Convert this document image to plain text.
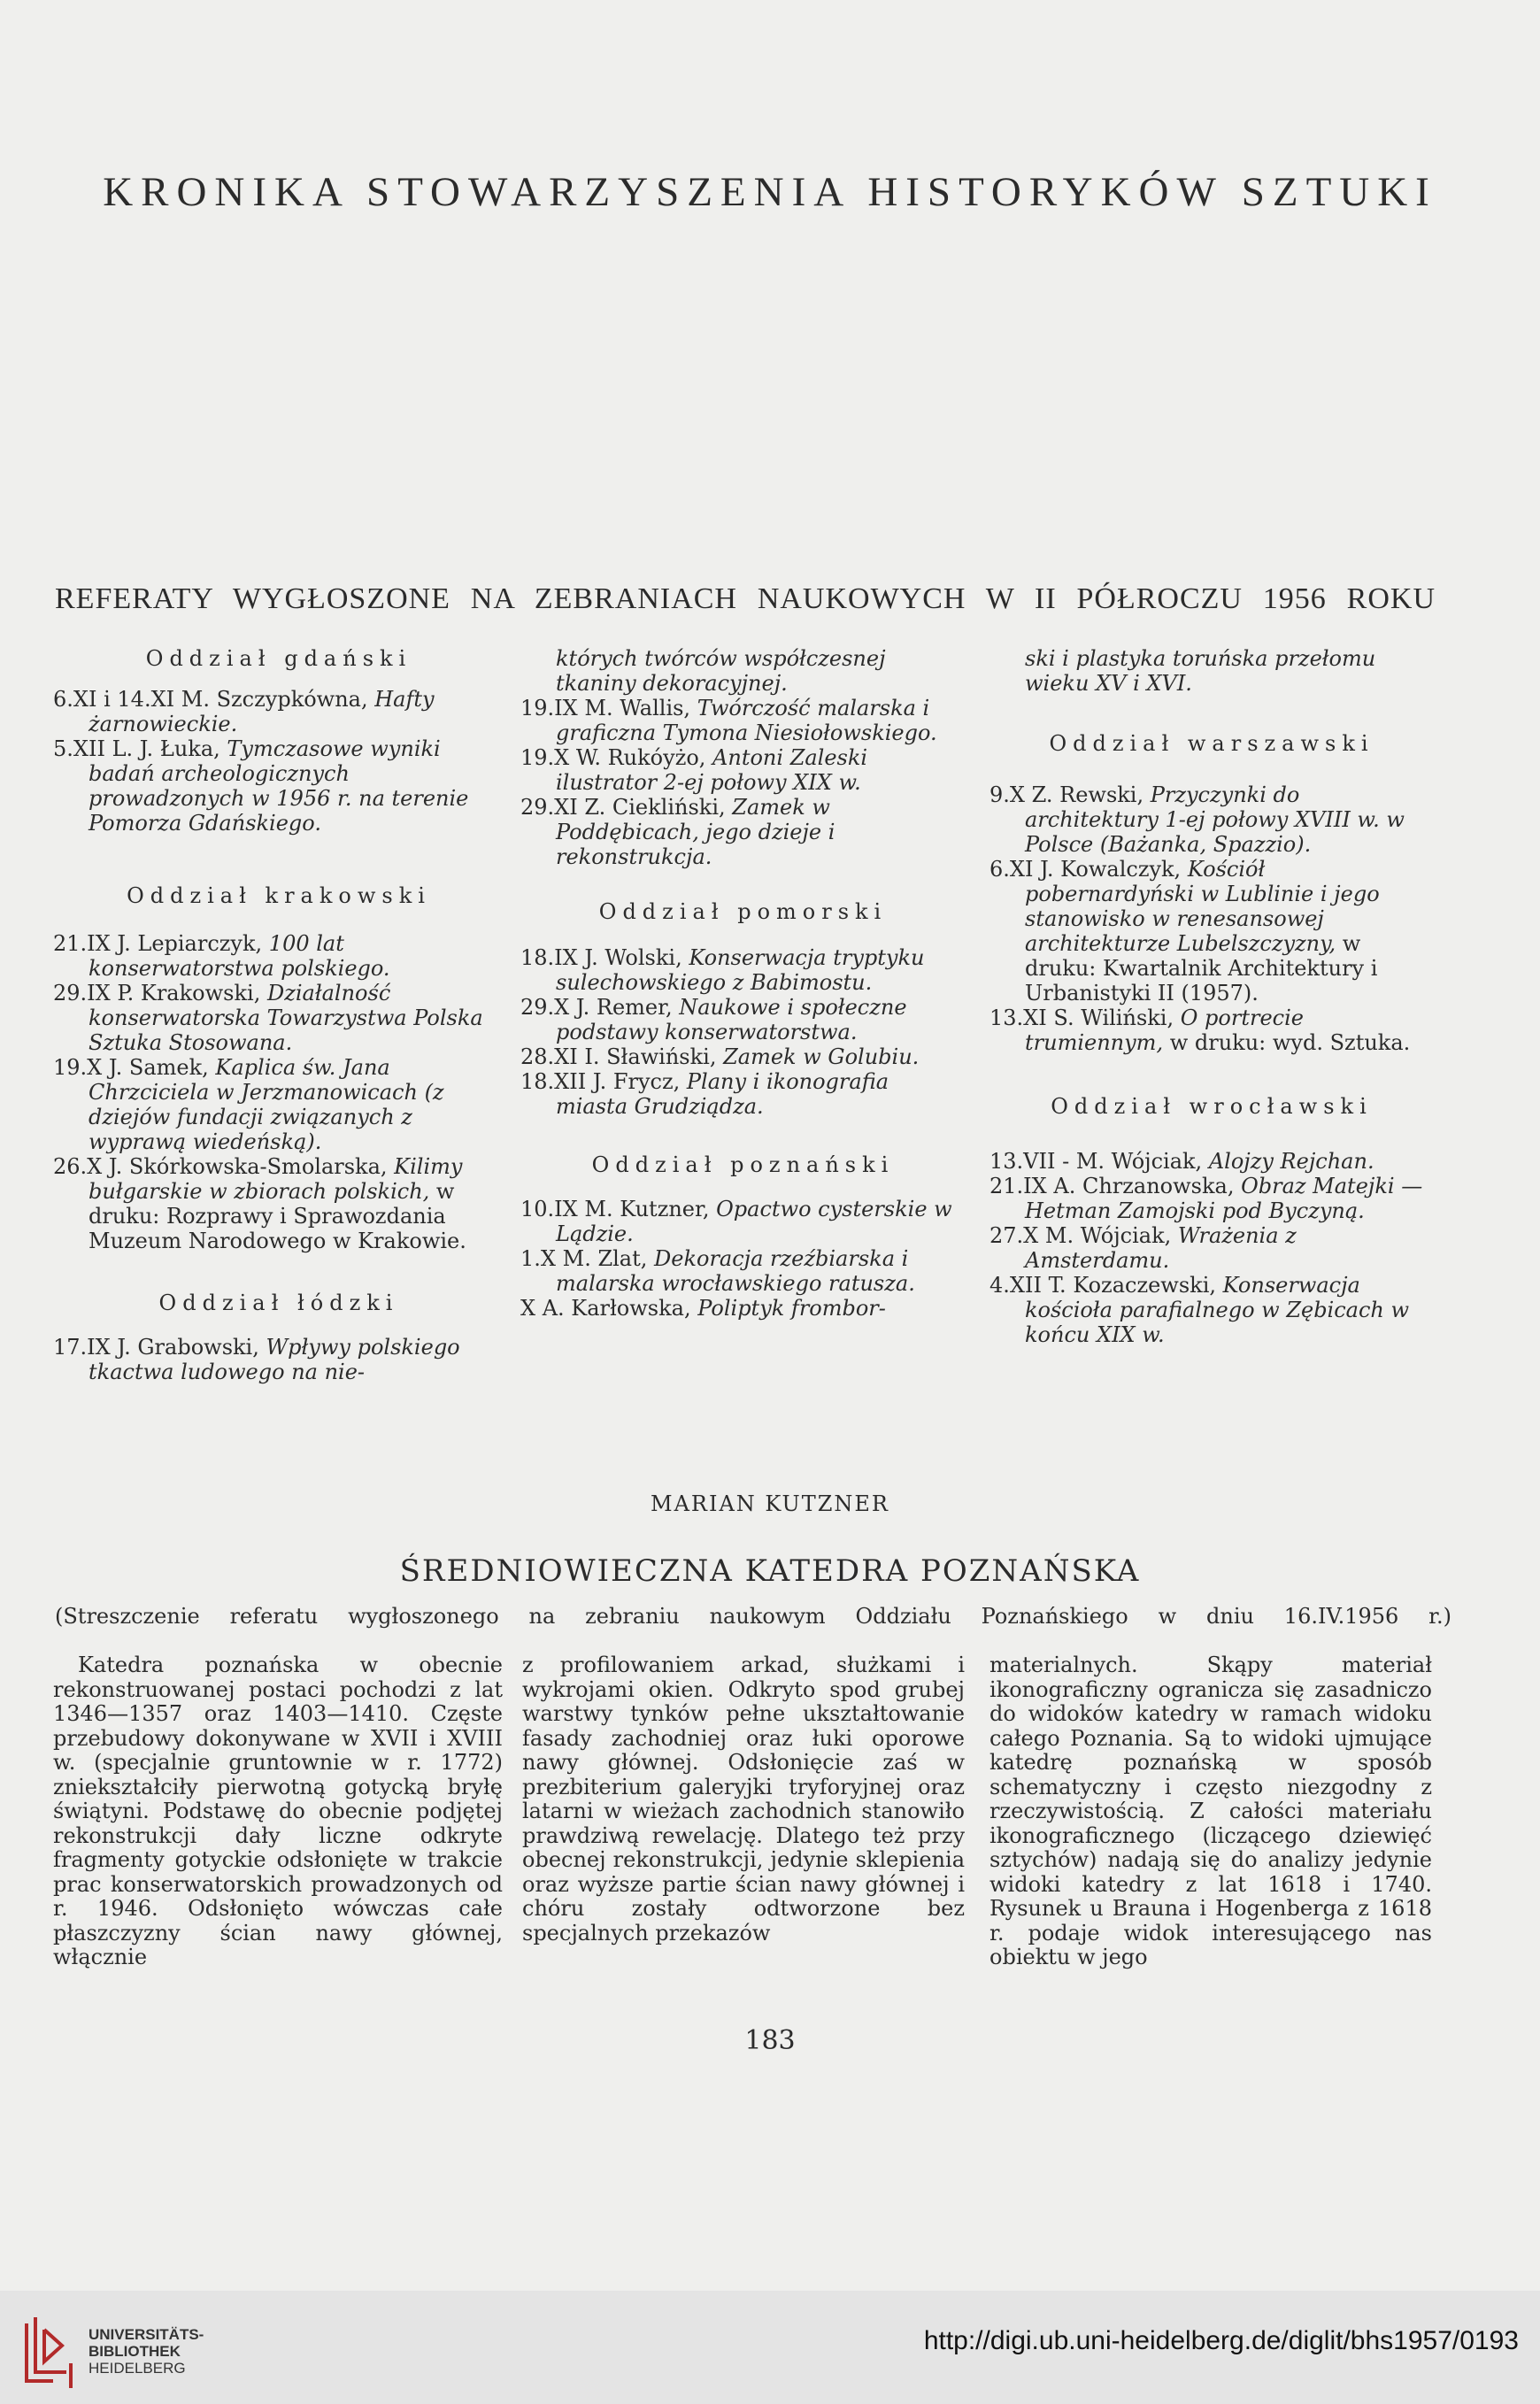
KRONIKA STOWARZYSZENIA HISTORYKÓW SZTUKI
REFERATY WYGŁOSZONE NA ZEBRANIACH NAUKOWYCH W II PÓŁROCZU 1956 ROKU

Oddział gdański

6.XI i 14.XI M. Szczypkówna, Hafty żarnowieckie.

5.XII L. J. Łuka, Tymczasowe wyniki badań archeologicznych prowadzonych w 1956 r. na terenie Pomorza Gdańskiego.

Oddział krakowski

21.IX J. Lepiarczyk, 100 lat konserwatorstwa polskiego.

29.IX P. Krakowski, Działalność konserwatorska Towarzystwa Polska Sztuka Stosowana.

19.X J. Samek, Kaplica św. Jana Chrzciciela w Jerzmanowicach (z dziejów fundacji związanych z wyprawą wiedeńską).

26.X J. Skórkowska-Smolarska, Kilimy bułgarskie w zbiorach polskich, w druku: Rozprawy i Sprawozdania Muzeum Narodowego w Krakowie.

Oddział łódzki

17.IX J. Grabowski, Wpływy polskiego tkactwa ludowego na nie-

których twórców współczesnej tkaniny dekoracyjnej.

19.IX M. Wallis, Twórczość malarska i graficzna Tymona Niesiołowskiego.

19.X W. Rukóyżo, Antoni Zaleski ilustrator 2-ej połowy XIX w.

29.XI Z. Cieklіński, Zamek w Poddębicach, jego dzieje i rekonstrukcja.

Oddział pomorski

18.IX J. Wolski, Konserwacja tryptyku sulechowskiego z Babimostu.

29.X J. Remer, Naukowe i społeczne podstawy konserwatorstwa.

28.XI I. Sławiński, Zamek w Golubiu.

18.XII J. Frycz, Plany i ikonografia miasta Grudziądza.

Oddział poznański

10.IX M. Kutzner, Opactwo cysterskie w Lądzie.

1.X M. Zlat, Dekoracja rzeźbiarska i malarska wrocławskiego ratusza.

X A. Karłowska, Poliptyk frombor-

ski i plastyka toruńska przełomu wieku XV i XVI.

Oddział warszawski

9.X Z. Rewski, Przyczynki do architektury 1-ej połowy XVIII w. w Polsce (Bażanka, Spazzio).

6.XI J. Kowalczyk, Kościół pobernardyński w Lublinie i jego stanowisko w renesansowej architekturze Lubelszczyzny, w druku: Kwartalnik Architektury i Urbanistyki II (1957).

13.XI S. Wiliński, O portrecie trumiennym, w druku: wyd. Sztuka.

Oddział wrocławski

13.VII - M. Wójciak, Alojzy Rejchan.

21.IX A. Chrzanowska, Obraz Matejki — Hetman Zamojski pod Byczyną.

27.X M. Wójciak, Wrażenia z Amsterdamu.

4.XII T. Kozaczewski, Konserwacja kościoła parafialnego w Zębicach w końcu XIX w.

MARIAN KUTZNER
ŚREDNIOWIECZNA KATEDRA POZNAŃSKA
(Streszczenie referatu wygłoszonego na zebraniu naukowym Oddziału Poznańskiego w dniu 16.IV.1956 r.)

Katedra poznańska w obecnie rekonstruowanej postaci pochodzi z lat 1346—1357 oraz 1403—1410. Częste przebudowy dokonywane w XVII i XVIII w. (specjalnie gruntownie w r. 1772) zniekształciły pierwotną gotycką bryłę świątyni. Podstawę do obecnie podjętej rekonstrukcji dały liczne odkryte fragmenty gotyckie odsłonięte w trakcie prac konserwatorskich prowadzonych od r. 1946. Odsłonięto wówczas całe płaszczyzny ścian nawy głównej, włącznie

z profilowaniem arkad, służkami i wykrojami okien. Odkryto spod grubej warstwy tynków pełne ukształtowanie fasady zachodniej oraz łuki oporowe nawy głównej. Odsłonięcie zaś w prezbiterium galeryjki tryforyjnej oraz latarni w wieżach zachodnich stanowiło prawdziwą rewelację. Dlatego też przy obecnej rekonstrukcji, jedynie sklepienia oraz wyższe partie ścian nawy głównej i chóru zostały odtworzone bez specjalnych przekazów

materialnych. Skąpy materiał ikonograficzny ogranicza się zasadniczo do widoków katedry w ramach widoku całego Poznania. Są to widoki ujmujące katedrę poznańską w sposób schematyczny i często niezgodny z rzeczywistością. Z całości materiału ikonograficznego (liczącego dziewięć sztychów) nadają się do analizy jedynie widoki katedry z lat 1618 i 1740. Rysunek u Brauna i Hogenberga z 1618 r. podaje widok interesującego nas obiektu w jego

183
UNIVERSITÄTS-
BIBLIOTHEK
HEIDELBERG
http://digi.ub.uni-heidelberg.de/diglit/bhs1957/0193
